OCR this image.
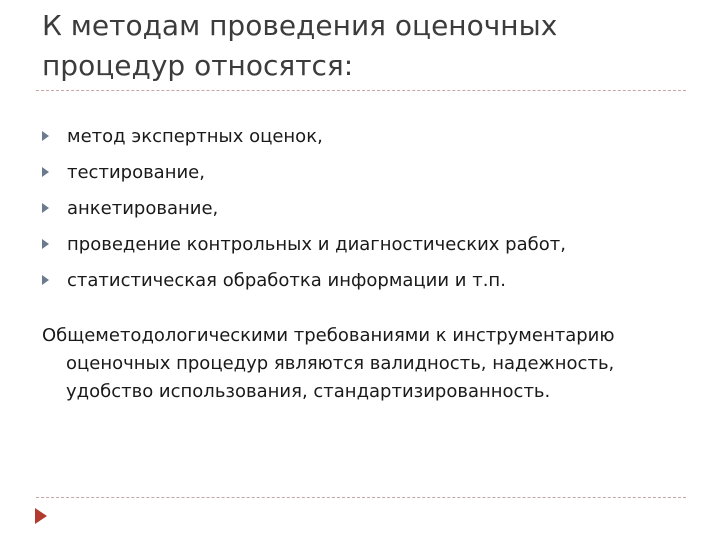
К методам проведения оценочных процедур относятся:
метод экспертных оценок,
тестирование,
анкетирование,
проведение контрольных и диагностических работ,
статистическая обработка информации и т.п.

Общеметодологическими требованиями к инструментарию оценочных процедур являются валидность, надежность, удобство использования, стандартизированность.
